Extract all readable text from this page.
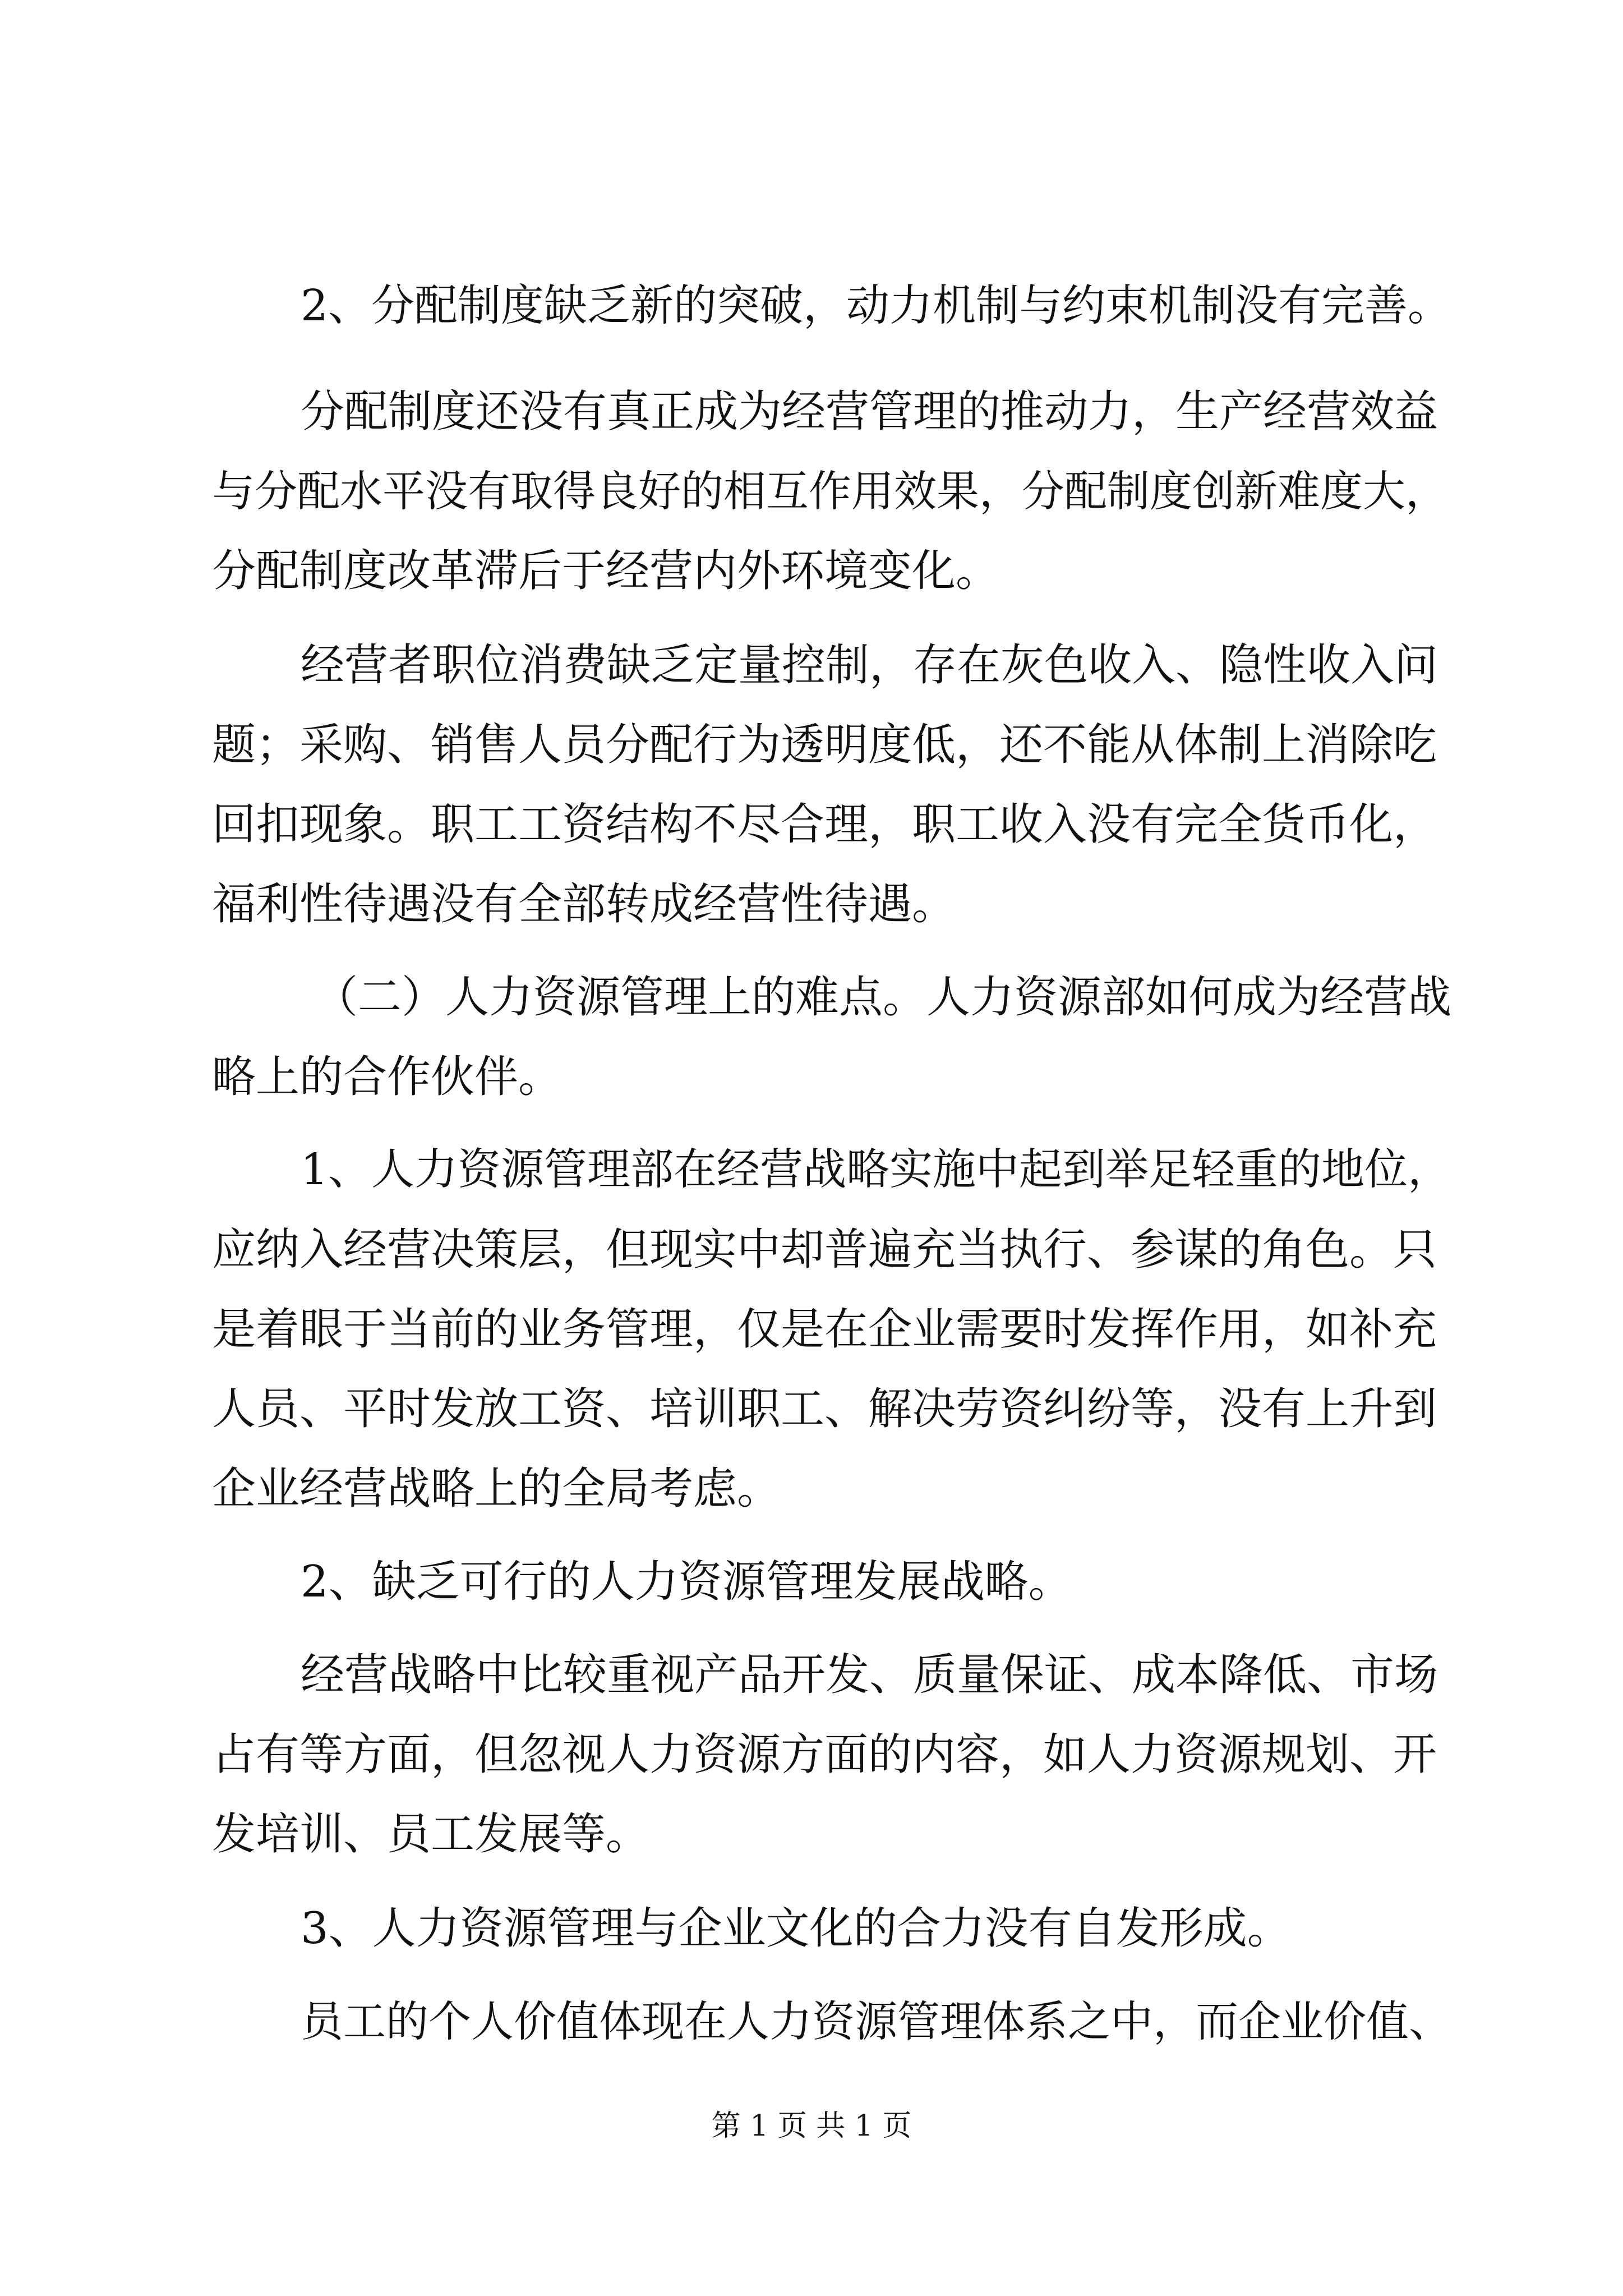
2、分配制度缺乏新的突破，动力机制与约束机制没有完善。
分配制度还没有真正成为经营管理的推动力，生产经营效益
与分配水平没有取得良好的相互作用效果，分配制度创新难度大，
分配制度改革滞后于经营内外环境变化。
经营者职位消费缺乏定量控制，存在灰色收入、隐性收入问
题；采购、销售人员分配行为透明度低，还不能从体制上消除吃
回扣现象。职工工资结构不尽合理，职工收入没有完全货币化，
福利性待遇没有全部转成经营性待遇。
（二）人力资源管理上的难点。人力资源部如何成为经营战
略上的合作伙伴。
1、人力资源管理部在经营战略实施中起到举足轻重的地位，
应纳入经营决策层，但现实中却普遍充当执行、参谋的角色。只
是着眼于当前的业务管理，仅是在企业需要时发挥作用，如补充
人员、平时发放工资、培训职工、解决劳资纠纷等，没有上升到
企业经营战略上的全局考虑。
2、缺乏可行的人力资源管理发展战略。
经营战略中比较重视产品开发、质量保证、成本降低、市场
占有等方面，但忽视人力资源方面的内容，如人力资源规划、开
发培训、员工发展等。
3、人力资源管理与企业文化的合力没有自发形成。
员工的个人价值体现在人力资源管理体系之中，而企业价值、
第 1 页 共 1 页
